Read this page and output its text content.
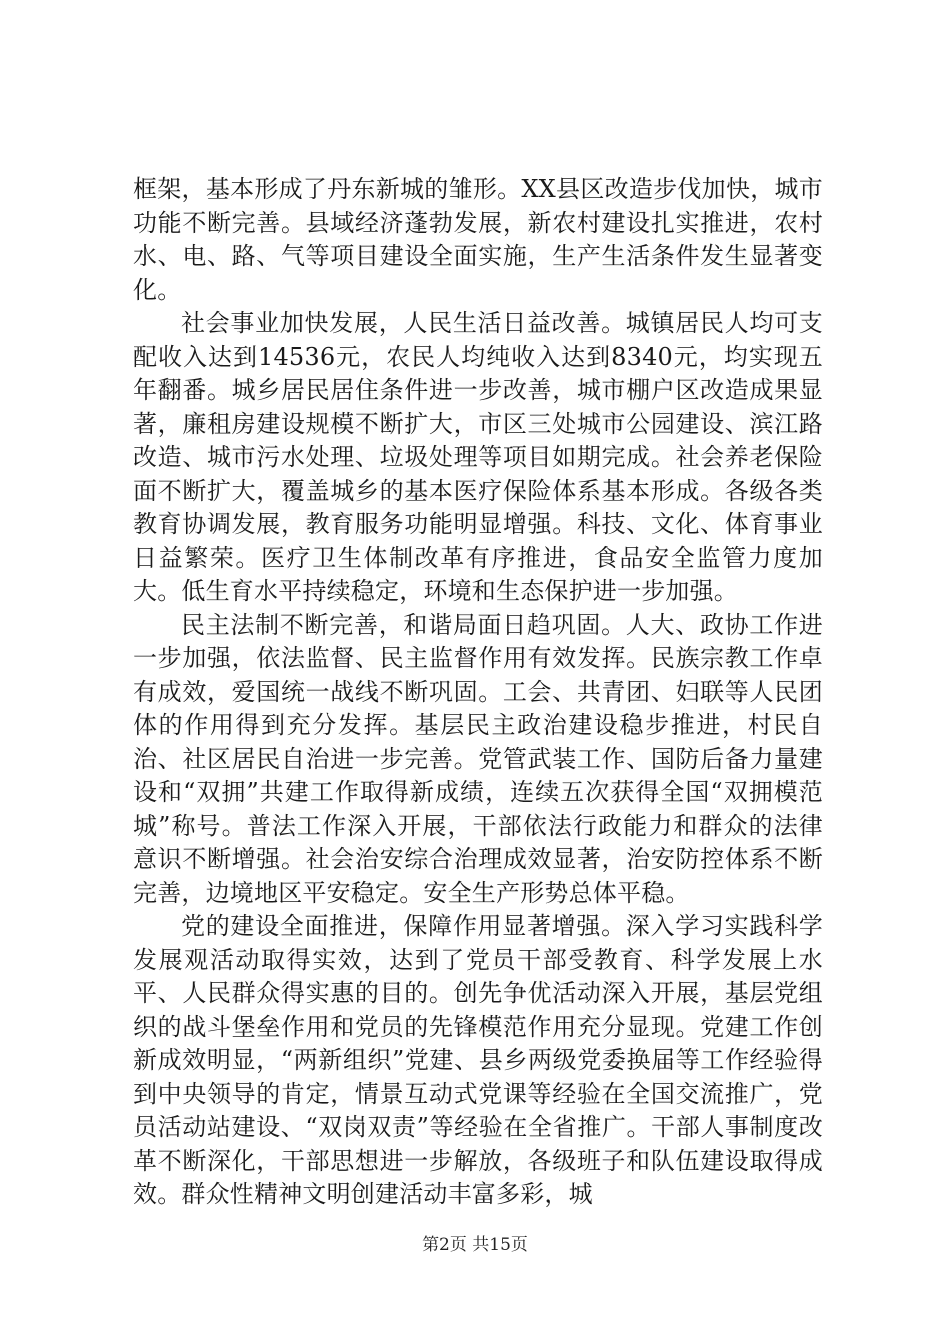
框架，基本形成了丹东新城的雏形。XX县区改造步伐加快，城市功能不断完善。县域经济蓬勃发展，新农村建设扎实推进，农村水、电、路、气等项目建设全面实施，生产生活条件发生显著变化。

社会事业加快发展，人民生活日益改善。城镇居民人均可支配收入达到14536元，农民人均纯收入达到8340元，均实现五年翻番。城乡居民居住条件进一步改善，城市棚户区改造成果显著，廉租房建设规模不断扩大，市区三处城市公园建设、滨江路改造、城市污水处理、垃圾处理等项目如期完成。社会养老保险面不断扩大，覆盖城乡的基本医疗保险体系基本形成。各级各类教育协调发展，教育服务功能明显增强。科技、文化、体育事业日益繁荣。医疗卫生体制改革有序推进，食品安全监管力度加大。低生育水平持续稳定，环境和生态保护进一步加强。

民主法制不断完善，和谐局面日趋巩固。人大、政协工作进一步加强，依法监督、民主监督作用有效发挥。民族宗教工作卓有成效，爱国统一战线不断巩固。工会、共青团、妇联等人民团体的作用得到充分发挥。基层民主政治建设稳步推进，村民自治、社区居民自治进一步完善。党管武装工作、国防后备力量建设和“双拥”共建工作取得新成绩，连续五次获得全国“双拥模范城”称号。普法工作深入开展，干部依法行政能力和群众的法律意识不断增强。社会治安综合治理成效显著，治安防控体系不断完善，边境地区平安稳定。安全生产形势总体平稳。

党的建设全面推进，保障作用显著增强。深入学习实践科学发展观活动取得实效，达到了党员干部受教育、科学发展上水平、人民群众得实惠的目的。创先争优活动深入开展，基层党组织的战斗堡垒作用和党员的先锋模范作用充分显现。党建工作创新成效明显，“两新组织”党建、县乡两级党委换届等工作经验得到中央领导的肯定，情景互动式党课等经验在全国交流推广，党员活动站建设、“双岗双责”等经验在全省推广。干部人事制度改革不断深化，干部思想进一步解放，各级班子和队伍建设取得成效。群众性精神文明创建活动丰富多彩，城

第2页 共15页
